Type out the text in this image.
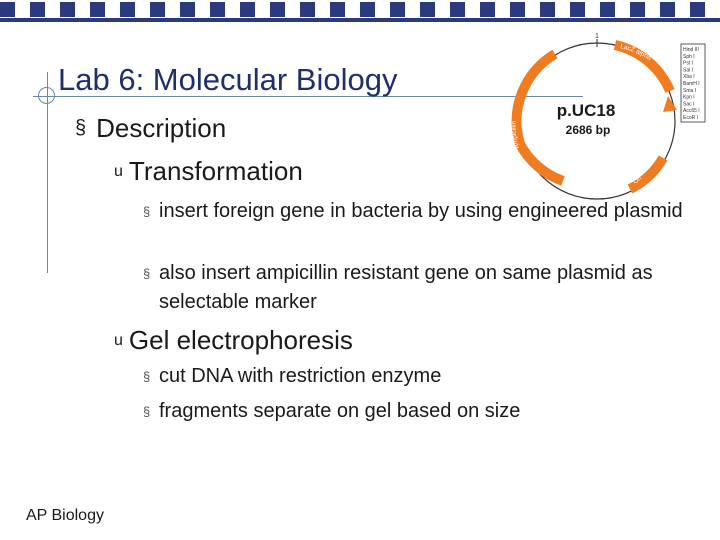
Lab 6: Molecular Biology
§ Description
u Transformation
§ insert foreign gene in bacteria by using engineered plasmid
§ also insert ampicillin resistant gene on same plasmid as selectable marker
u Gel electrophoresis
§ cut DNA with restriction enzyme
§ fragments separate on gel based on size
AP Biology
1
Ampicillin
LacZ alpha
Ori
p.UC18
2686 bp
Hind III
Sph I
Pst I
Sal I
Xba I
BamH I
Sma I
Kpn I
Sac I
Acc65 I
EcoR I
